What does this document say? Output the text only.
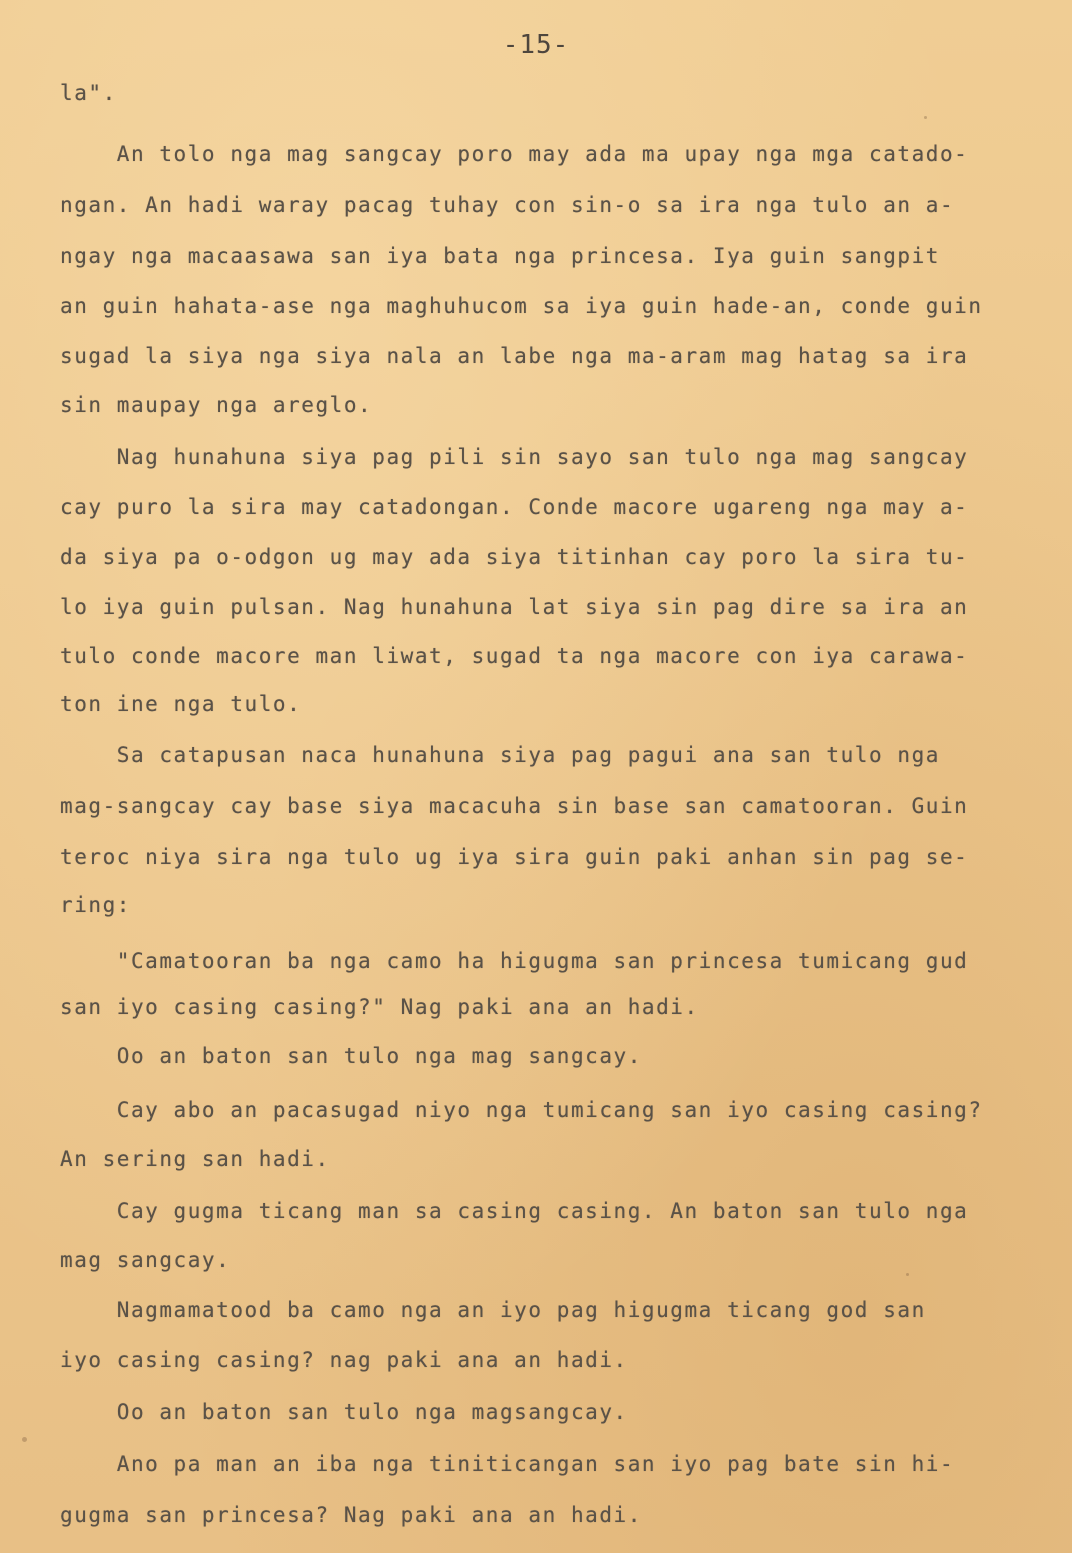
-15-
la".
An tolo nga mag sangcay poro may ada ma upay nga mga catado-
ngan. An hadi waray pacag tuhay con sin-o sa ira nga tulo an a-
ngay nga macaasawa san iya bata nga princesa. Iya guin sangpit
an guin hahata-ase nga maghuhucom sa iya guin hade-an, conde guin
sugad la siya nga siya nala an labe nga ma-aram mag hatag sa ira
sin maupay nga areglo.
Nag hunahuna siya pag pili sin sayo san tulo nga mag sangcay
cay puro la sira may catadongan. Conde macore ugareng nga may a-
da siya pa o-odgon ug may ada siya titinhan cay poro la sira tu-
lo iya guin pulsan. Nag hunahuna lat siya sin pag dire sa ira an
tulo conde macore man liwat, sugad ta nga macore con iya carawa-
ton ine nga tulo.
Sa catapusan naca hunahuna siya pag pagui ana san tulo nga
mag-sangcay cay base siya macacuha sin base san camatooran. Guin
teroc niya sira nga tulo ug iya sira guin paki anhan sin pag se-
ring:
"Camatooran ba nga camo ha higugma san princesa tumicang gud
san iyo casing casing?" Nag paki ana an hadi.
Oo an baton san tulo nga mag sangcay.
Cay abo an pacasugad niyo nga tumicang san iyo casing casing?
An sering san hadi.
Cay gugma ticang man sa casing casing. An baton san tulo nga
mag sangcay.
Nagmamatood ba camo nga an iyo pag higugma ticang god san
iyo casing casing? nag paki ana an hadi.
Oo an baton san tulo nga magsangcay.
Ano pa man an iba nga tiniticangan san iyo pag bate sin hi-
gugma san princesa? Nag paki ana an hadi.
